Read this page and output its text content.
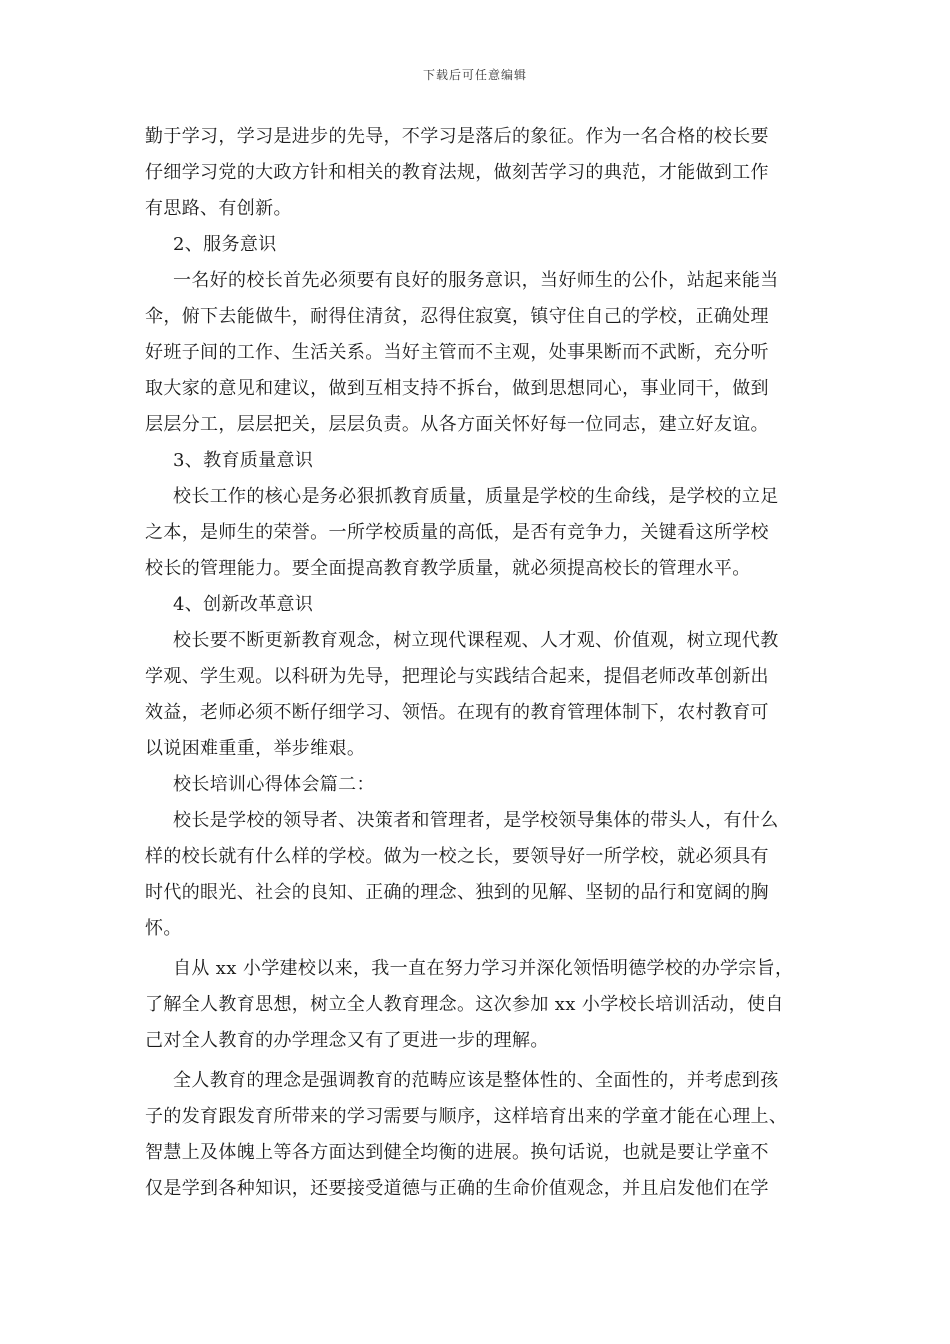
下载后可任意编辑
勤于学习，学习是进步的先导，不学习是落后的象征。作为一名合格的校长要
仔细学习党的大政方针和相关的教育法规，做刻苦学习的典范，才能做到工作
有思路、有创新。
2、服务意识
一名好的校长首先必须要有良好的服务意识，当好师生的公仆，站起来能当
伞，俯下去能做牛，耐得住清贫，忍得住寂寞，镇守住自己的学校，正确处理
好班子间的工作、生活关系。当好主管而不主观，处事果断而不武断，充分听
取大家的意见和建议，做到互相支持不拆台，做到思想同心，事业同干，做到
层层分工，层层把关，层层负责。从各方面关怀好每一位同志，建立好友谊。
3、教育质量意识
校长工作的核心是务必狠抓教育质量，质量是学校的生命线，是学校的立足
之本，是师生的荣誉。一所学校质量的高低，是否有竞争力，关键看这所学校
校长的管理能力。要全面提高教育教学质量，就必须提高校长的管理水平。
4、创新改革意识
校长要不断更新教育观念，树立现代课程观、人才观、价值观，树立现代教
学观、学生观。以科研为先导，把理论与实践结合起来，提倡老师改革创新出
效益，老师必须不断仔细学习、领悟。在现有的教育管理体制下，农村教育可
以说困难重重，举步维艰。
校长培训心得体会篇二：
校长是学校的领导者、决策者和管理者，是学校领导集体的带头人，有什么
样的校长就有什么样的学校。做为一校之长，要领导好一所学校，就必须具有
时代的眼光、社会的良知、正确的理念、独到的见解、坚韧的品行和宽阔的胸
怀。
自从 xx 小学建校以来，我一直在努力学习并深化领悟明德学校的办学宗旨，
了解全人教育思想，树立全人教育理念。这次参加 xx 小学校长培训活动，使自
己对全人教育的办学理念又有了更进一步的理解。
全人教育的理念是强调教育的范畴应该是整体性的、全面性的，并考虑到孩
子的发育跟发育所带来的学习需要与顺序，这样培育出来的学童才能在心理上、
智慧上及体魄上等各方面达到健全均衡的进展。换句话说，也就是要让学童不
仅是学到各种知识，还要接受道德与正确的生命价值观念，并且启发他们在学
